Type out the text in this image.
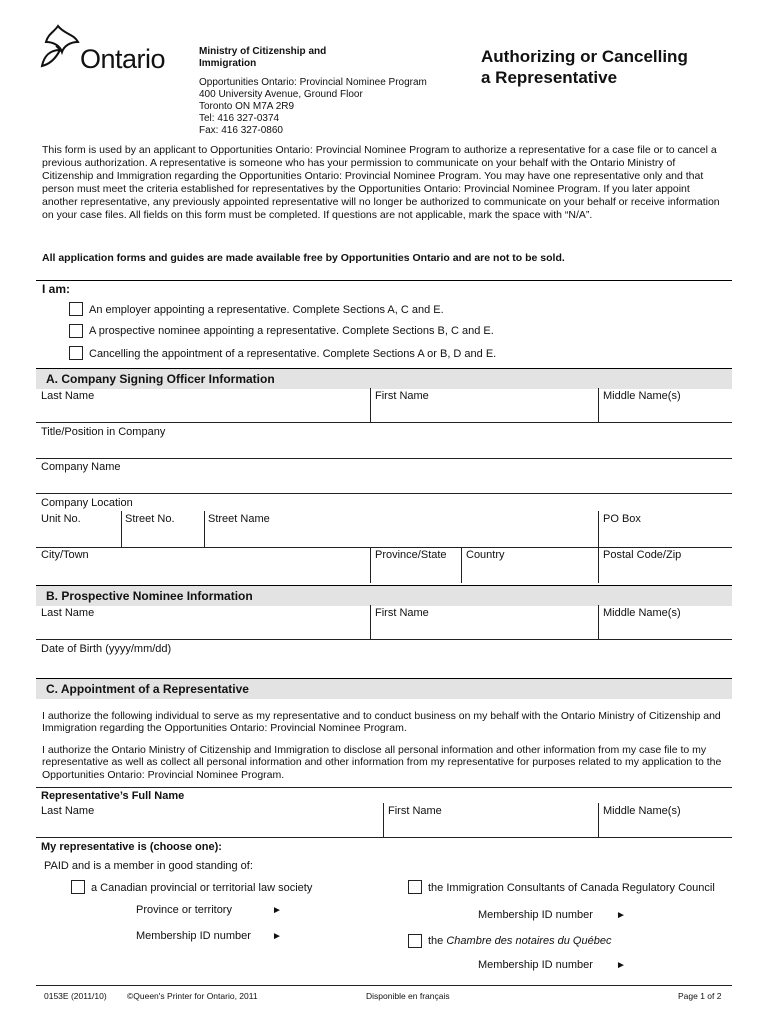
Ontario	Ministry of Citizenship and Immigration
Opportunities Ontario: Provincial Nominee Program
400 University Avenue, Ground Floor
Toronto ON M7A 2R9
Tel: 416 327-0374
Fax: 416 327-0860
Authorizing or Cancelling
a Representative
This form is used by an applicant to Opportunities Ontario: Provincial Nominee Program to authorize a representative for a case file or to cancel a previous authorization. A representative is someone who has your permission to communicate on your behalf with the Ontario Ministry of Citizenship and Immigration regarding the Opportunities Ontario: Provincial Nominee Program. You may have one representative only and that person must meet the criteria established for representatives by the Opportunities Ontario: Provincial Nominee Program. If you later appoint another representative, any previously appointed representative will no longer be authorized to communicate on your behalf or receive information on your case files. All fields on this form must be completed. If questions are not applicable, mark the space with “N/A”.
All application forms and guides are made available free by Opportunities Ontario and are not to be sold.
I am:
An employer appointing a representative. Complete Sections A, C and E.
A prospective nominee appointing a representative. Complete Sections B, C and E.
Cancelling the appointment of a representative. Complete Sections A or B, D and E.
A. Company Signing Officer Information
Last Name	First Name	Middle Name(s)
Title/Position in Company
Company Name
Company Location
Unit No.	Street No.	Street Name	PO Box
City/Town	Province/State Country	Postal Code/Zip
B. Prospective Nominee Information
Last Name	First Name	Middle Name(s)
Date of Birth (yyyy/mm/dd)
C. Appointment of a Representative
I authorize the following individual to serve as my representative and to conduct business on my behalf with the Ontario Ministry of Citizenship and Immigration regarding the Opportunities Ontario: Provincial Nominee Program.
I authorize the Ontario Ministry of Citizenship and Immigration to disclose all personal information and other information from my case file to my representative as well as collect all personal information and other information from my representative for purposes related to my application to the Opportunities Ontario: Provincial Nominee Program.
Representative’s Full Name
Last Name	First Name	Middle Name(s)
My representative is (choose one):
PAID and is a member in good standing of:
a Canadian provincial or territorial law society	the Immigration Consultants of Canada Regulatory Council
Province or territory	►	Membership ID number ►
Membership ID number ►	the Chambre des notaires du Québec
Membership ID number ►
0153E (2011/10) ©Queen's Printer for Ontario, 2011	Disponible en français	Page 1 of 2
